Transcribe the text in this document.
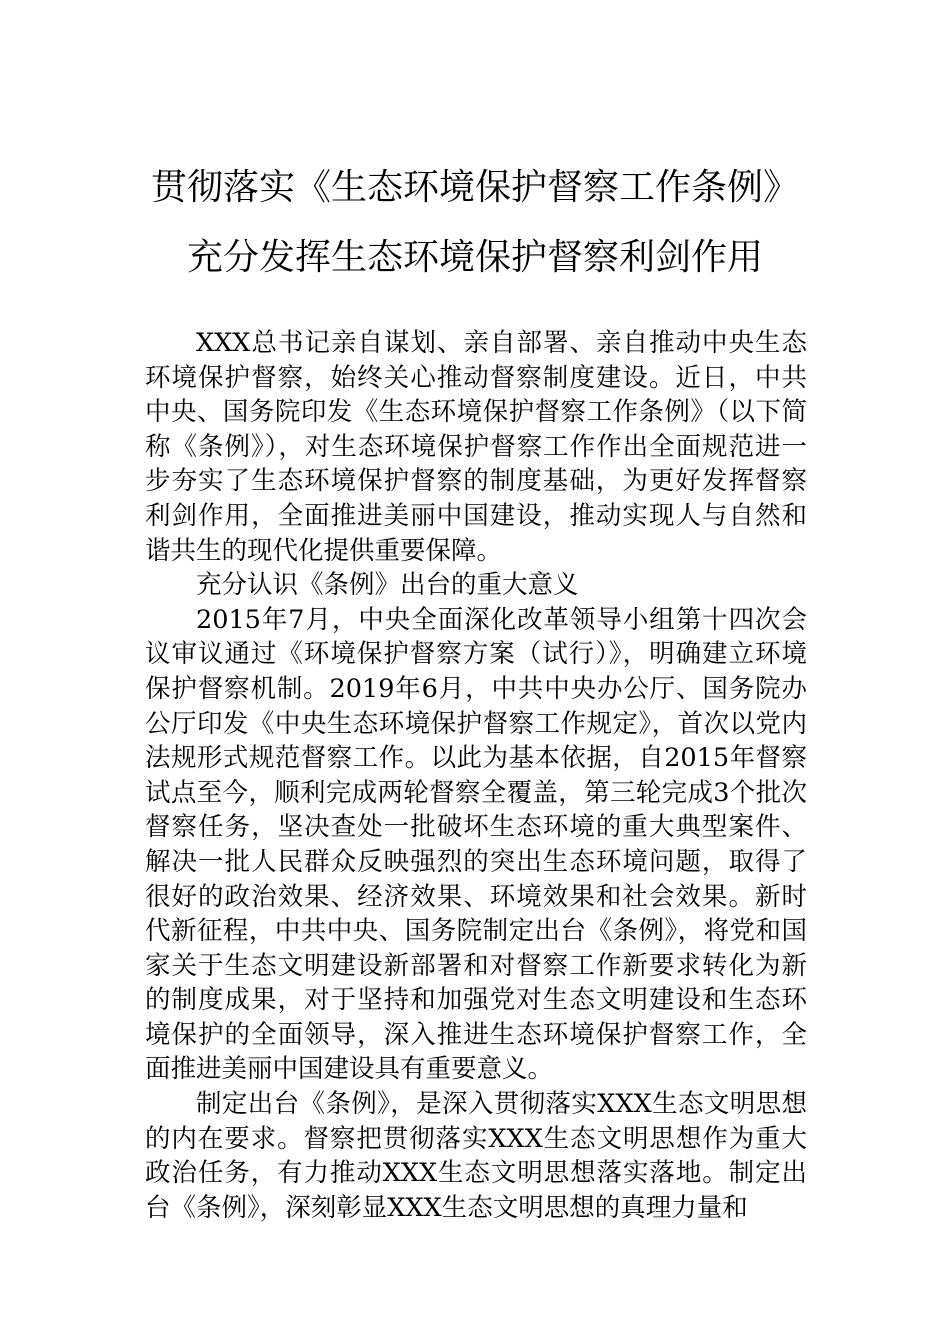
贯彻落实《生态环境保护督察工作条例》
充分发挥生态环境保护督察利剑作用

XXX总书记亲自谋划、亲自部署、亲自推动中央生态环境保护督察，始终关心推动督察制度建设。近日，中共中央、国务院印发《生态环境保护督察工作条例》（以下简称《条例》），对生态环境保护督察工作作出全面规范进一步夯实了生态环境保护督察的制度基础，为更好发挥督察利剑作用，全面推进美丽中国建设，推动实现人与自然和谐共生的现代化提供重要保障。

充分认识《条例》出台的重大意义

2015年7月，中央全面深化改革领导小组第十四次会议审议通过《环境保护督察方案（试行）》，明确建立环境保护督察机制。2019年6月，中共中央办公厅、国务院办公厅印发《中央生态环境保护督察工作规定》，首次以党内法规形式规范督察工作。以此为基本依据，自2015年督察试点至今，顺利完成两轮督察全覆盖，第三轮完成3个批次督察任务，坚决查处一批破坏生态环境的重大典型案件、解决一批人民群众反映强烈的突出生态环境问题，取得了很好的政治效果、经济效果、环境效果和社会效果。新时代新征程，中共中央、国务院制定出台《条例》，将党和国家关于生态文明建设新部署和对督察工作新要求转化为新的制度成果，对于坚持和加强党对生态文明建设和生态环境保护的全面领导，深入推进生态环境保护督察工作，全面推进美丽中国建设具有重要意义。

制定出台《条例》，是深入贯彻落实XXX生态文明思想的内在要求。督察把贯彻落实XXX生态文明思想作为重大政治任务，有力推动XXX生态文明思想落实落地。制定出台《条例》，深刻彰显XXX生态文明思想的真理力量和
